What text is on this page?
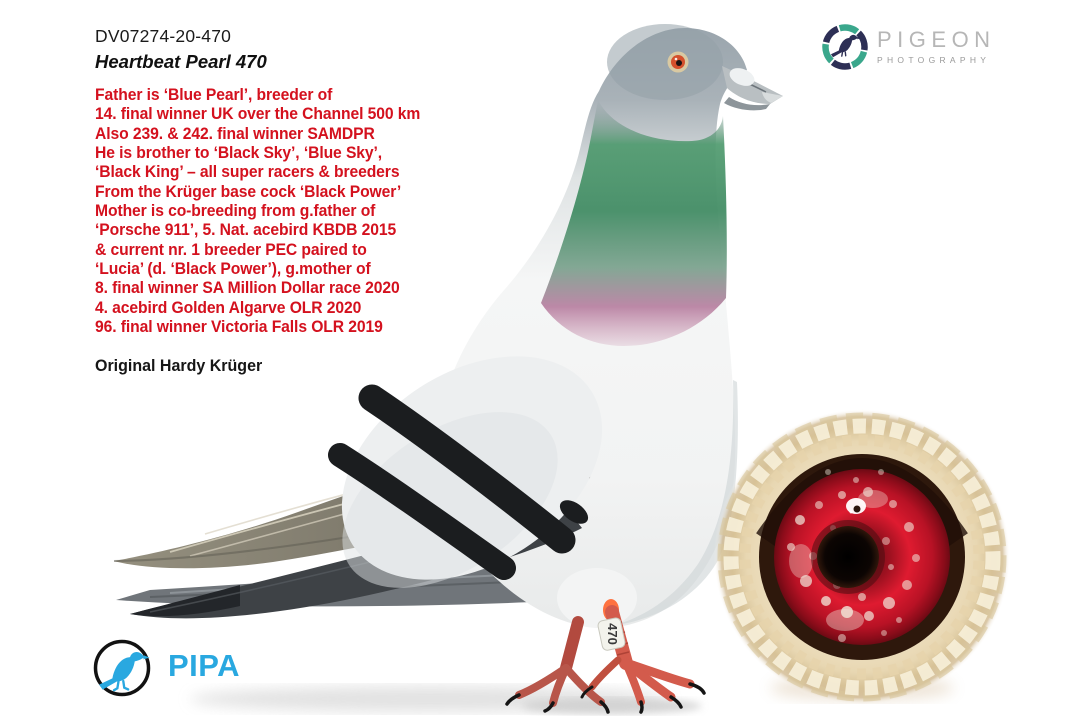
470
DV07274-20-470
Heartbeat Pearl 470
Father is ‘Blue Pearl’, breeder of
14. final winner UK over the Channel 500 km
Also 239. & 242. final winner SAMDPR
He is brother to ‘Black Sky’, ‘Blue Sky’,
‘Black King’ – all super racers & breeders
From the Krüger base cock ‘Black Power’
Mother is co-breeding from g.father of
‘Porsche 911’, 5. Nat. acebird KBDB 2015
& current nr. 1 breeder PEC paired to
‘Lucia’ (d. ‘Black Power’), g.mother of
8. final winner SA Million Dollar race 2020
4. acebird Golden Algarve OLR 2020
96. final winner Victoria Falls OLR 2019
Original Hardy Krüger
PIGEON
PHOTOGRAPHY
PIPA
